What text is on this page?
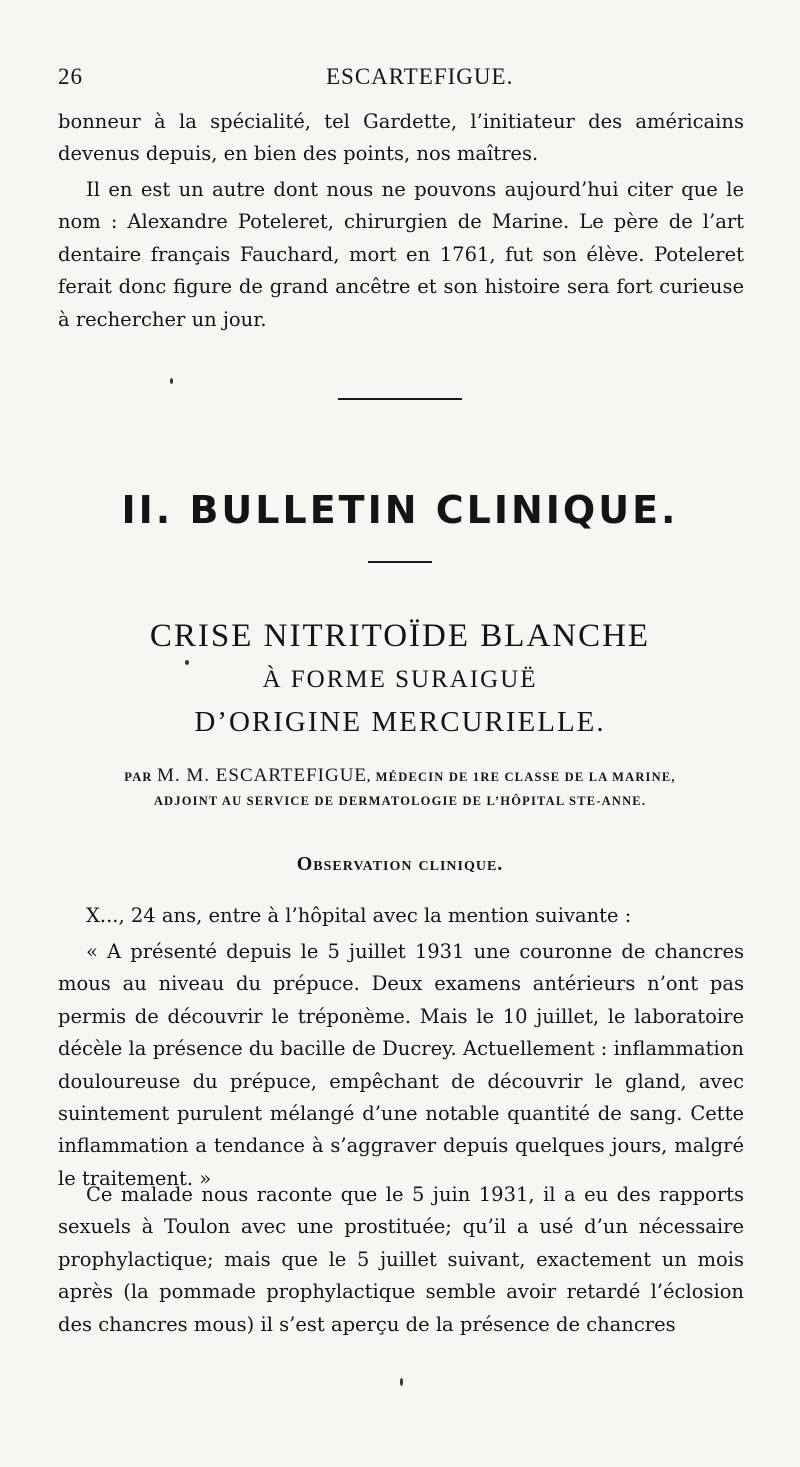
26	ESCARTEFIGUE.

bonneur à la spécialité, tel Gardette, l’initiateur des américains devenus depuis, en bien des points, nos maîtres.

Il en est un autre dont nous ne pouvons aujourd’hui citer que le nom : Alexandre Poteleret, chirurgien de Marine. Le père de l’art dentaire français Fauchard, mort en 1761, fut son élève. Poteleret ferait donc figure de grand ancêtre et son histoire sera fort curieuse à rechercher un jour.

II. BULLETIN CLINIQUE.
CRISE NITRITOÏDE BLANCHE
À FORME SURAIGUË
D’ORIGINE MERCURIELLE.
PAR M. M. ESCARTEFIGUE, MÉDECIN DE 1RE CLASSE DE LA MARINE,
ADJOINT AU SERVICE DE DERMATOLOGIE DE L’HÔPITAL STE-ANNE.
Observation clinique.

X..., 24 ans, entre à l’hôpital avec la mention suivante :

« A présenté depuis le 5 juillet 1931 une couronne de chancres mous au niveau du prépuce. Deux examens antérieurs n’ont pas permis de découvrir le tréponème. Mais le 10 juillet, le laboratoire décèle la présence du bacille de Ducrey. Actuellement : inflammation douloureuse du prépuce, empêchant de découvrir le gland, avec suintement purulent mélangé d’une notable quantité de sang. Cette inflammation a tendance à s’aggraver depuis quelques jours, malgré le traitement. »

Ce malade nous raconte que le 5 juin 1931, il a eu des rapports sexuels à Toulon avec une prostituée; qu’il a usé d’un nécessaire prophylactique; mais que le 5 juillet suivant, exactement un mois après (la pommade prophylactique semble avoir retardé l’éclosion des chancres mous) il s’est aperçu de la présence de chancres
